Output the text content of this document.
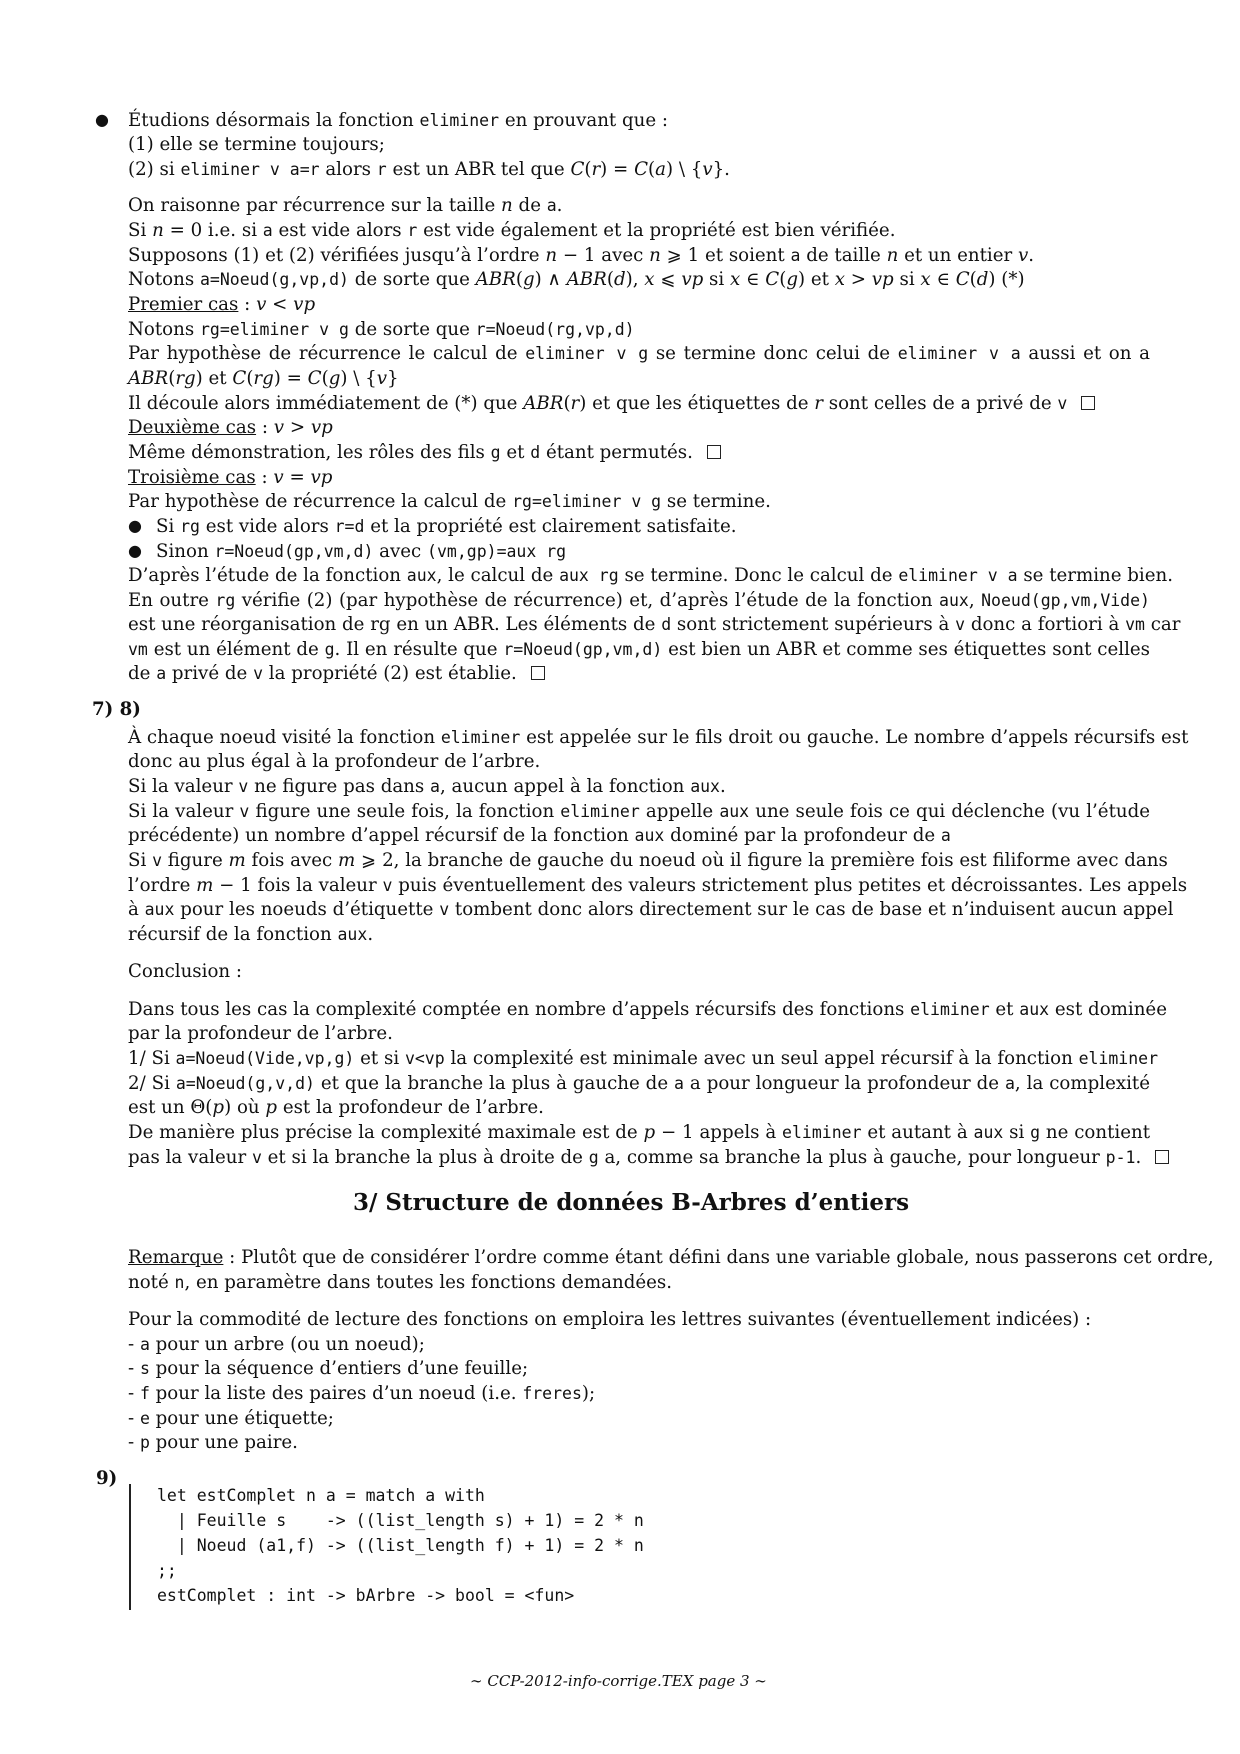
● Étudions désormais la fonction eliminer en prouvant que :
(1) elle se termine toujours;
(2) si eliminer v a=r alors r est un ABR tel que C(r) = C(a) \ {v}.
On raisonne par récurrence sur la taille n de a.
Si n = 0 i.e. si a est vide alors r est vide également et la propriété est bien vérifiée.
Supposons (1) et (2) vérifiées jusqu’à l’ordre n − 1 avec n ⩾ 1 et soient a de taille n et un entier v.
Notons a=Noeud(g,vp,d) de sorte que ABR(g) ∧ ABR(d), x ⩽ vp si x ∈ C(g) et x > vp si x ∈ C(d) (*)
Premier cas : v < vp
Notons rg=eliminer v g de sorte que r=Noeud(rg,vp,d)
Par hypothèse de récurrence le calcul de eliminer v g se termine donc celui de eliminer v a aussi et on a
ABR(rg) et C(rg) = C(g) \ {v}
Il découle alors immédiatement de (*) que ABR(r) et que les étiquettes de r sont celles de a privé de v
Deuxième cas : v > vp
Même démonstration, les rôles des fils g et d étant permutés.
Troisième cas : v = vp
Par hypothèse de récurrence la calcul de rg=eliminer v g se termine.
● Si rg est vide alors r=d et la propriété est clairement satisfaite.
● Sinon r=Noeud(gp,vm,d) avec (vm,gp)=aux rg
D’après l’étude de la fonction aux, le calcul de aux rg se termine. Donc le calcul de eliminer v a se termine bien.
En outre rg vérifie (2) (par hypothèse de récurrence) et, d’après l’étude de la fonction aux, Noeud(gp,vm,Vide)
est une réorganisation de rg en un ABR. Les éléments de d sont strictement supérieurs à v donc a fortiori à vm car
vm est un élément de g. Il en résulte que r=Noeud(gp,vm,d) est bien un ABR et comme ses étiquettes sont celles
de a privé de v la propriété (2) est établie.
7) 8)
À chaque noeud visité la fonction eliminer est appelée sur le fils droit ou gauche. Le nombre d’appels récursifs est
donc au plus égal à la profondeur de l’arbre.
Si la valeur v ne figure pas dans a, aucun appel à la fonction aux.
Si la valeur v figure une seule fois, la fonction eliminer appelle aux une seule fois ce qui déclenche (vu l’étude
précédente) un nombre d’appel récursif de la fonction aux dominé par la profondeur de a
Si v figure m fois avec m ⩾ 2, la branche de gauche du noeud où il figure la première fois est filiforme avec dans
l’ordre m − 1 fois la valeur v puis éventuellement des valeurs strictement plus petites et décroissantes. Les appels
à aux pour les noeuds d’étiquette v tombent donc alors directement sur le cas de base et n’induisent aucun appel
récursif de la fonction aux.
Conclusion :
Dans tous les cas la complexité comptée en nombre d’appels récursifs des fonctions eliminer et aux est dominée
par la profondeur de l’arbre.
1/ Si a=Noeud(Vide,vp,g) et si v<vp la complexité est minimale avec un seul appel récursif à la fonction eliminer
2/ Si a=Noeud(g,v,d) et que la branche la plus à gauche de a a pour longueur la profondeur de a, la complexité
est un Θ(p) où p est la profondeur de l’arbre.
De manière plus précise la complexité maximale est de p − 1 appels à eliminer et autant à aux si g ne contient
pas la valeur v et si la branche la plus à droite de g a, comme sa branche la plus à gauche, pour longueur p-1.
3/ Structure de données B-Arbres d’entiers
Remarque : Plutôt que de considérer l’ordre comme étant défini dans une variable globale, nous passerons cet ordre,
noté n, en paramètre dans toutes les fonctions demandées.
Pour la commodité de lecture des fonctions on emploira les lettres suivantes (éventuellement indicées) :
- a pour un arbre (ou un noeud);
- s pour la séquence d’entiers d’une feuille;
- f pour la liste des paires d’un noeud (i.e. freres);
- e pour une étiquette;
- p pour une paire.
9)
let estComplet n a = match a with
| Feuille s    -> ((list_length s) + 1) = 2 * n
| Noeud (a1,f) -> ((list_length f) + 1) = 2 * n
;;
estComplet : int -> bArbre -> bool = <fun>
∼ CCP-2012-info-corrige.TEX page 3 ∼
